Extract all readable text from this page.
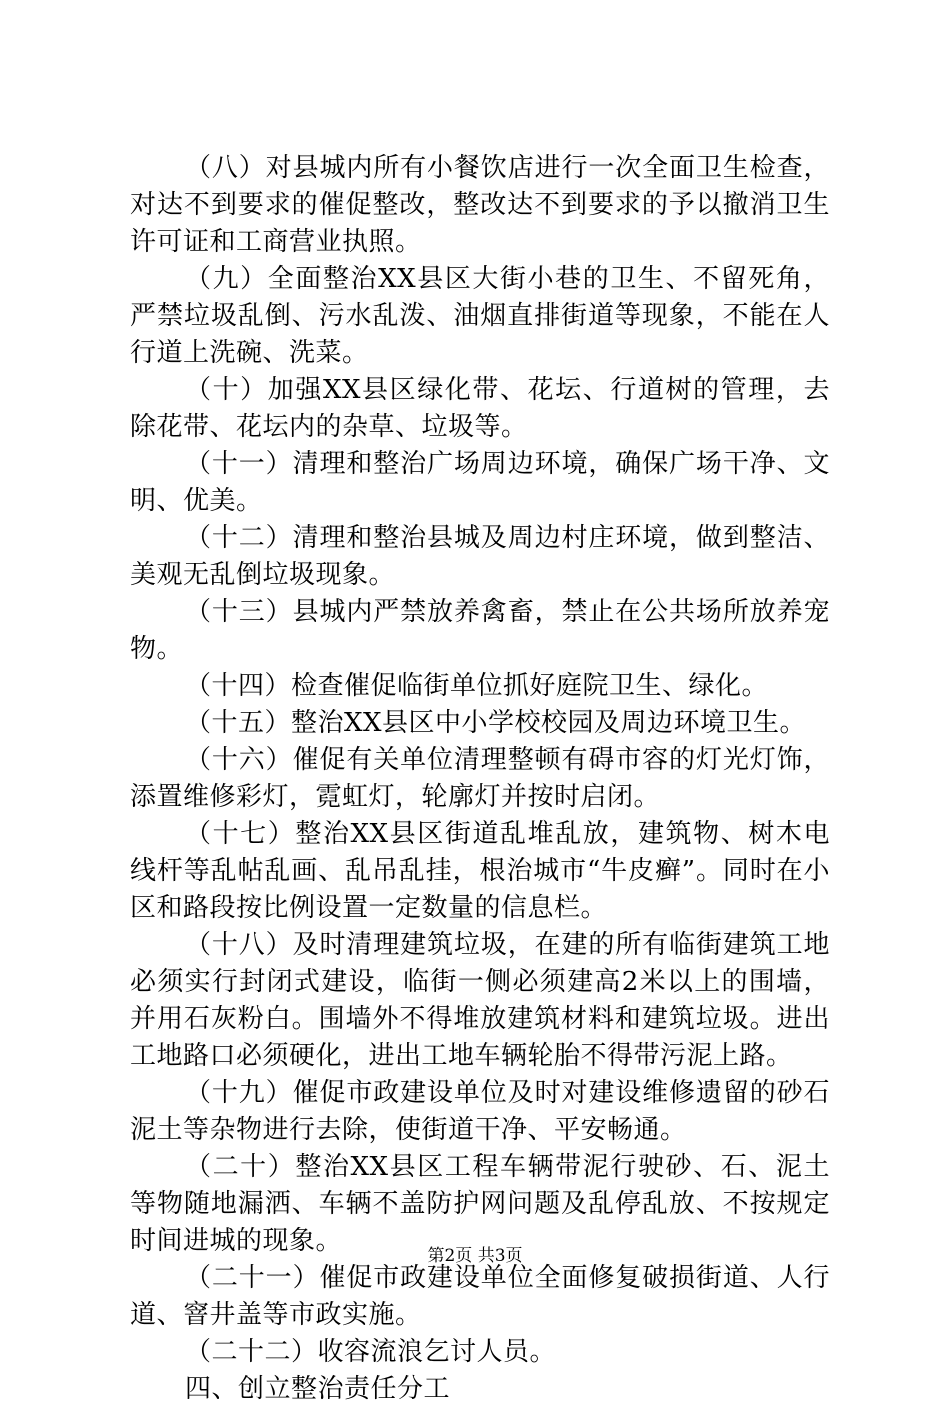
（八）对县城内所有小餐饮店进行一次全面卫生检查，对达不到要求的催促整改，整改达不到要求的予以撤消卫生许可证和工商营业执照。

（九）全面整治XX县区大街小巷的卫生、不留死角，严禁垃圾乱倒、污水乱泼、油烟直排街道等现象，不能在人行道上洗碗、洗菜。

（十）加强XX县区绿化带、花坛、行道树的管理，去除花带、花坛内的杂草、垃圾等。

（十一）清理和整治广场周边环境，确保广场干净、文明、优美。

（十二）清理和整治县城及周边村庄环境，做到整洁、美观无乱倒垃圾现象。

（十三）县城内严禁放养禽畜，禁止在公共场所放养宠物。

（十四）检查催促临街单位抓好庭院卫生、绿化。

（十五）整治XX县区中小学校校园及周边环境卫生。

（十六）催促有关单位清理整顿有碍市容的灯光灯饰，添置维修彩灯，霓虹灯，轮廓灯并按时启闭。

（十七）整治XX县区街道乱堆乱放，建筑物、树木电线杆等乱帖乱画、乱吊乱挂，根治城市“牛皮癣”。同时在小区和路段按比例设置一定数量的信息栏。

（十八）及时清理建筑垃圾，在建的所有临街建筑工地必须实行封闭式建设，临街一侧必须建高2米以上的围墙，并用石灰粉白。围墙外不得堆放建筑材料和建筑垃圾。进出工地路口必须硬化，进出工地车辆轮胎不得带污泥上路。

（十九）催促市政建设单位及时对建设维修遗留的砂石泥土等杂物进行去除，使街道干净、平安畅通。

（二十）整治XX县区工程车辆带泥行驶砂、石、泥土等物随地漏洒、车辆不盖防护网问题及乱停乱放、不按规定时间进城的现象。

（二十一）催促市政建设单位全面修复破损街道、人行道、窨井盖等市政实施。

（二十二）收容流浪乞讨人员。

四、创立整治责任分工

第2页 共3页
